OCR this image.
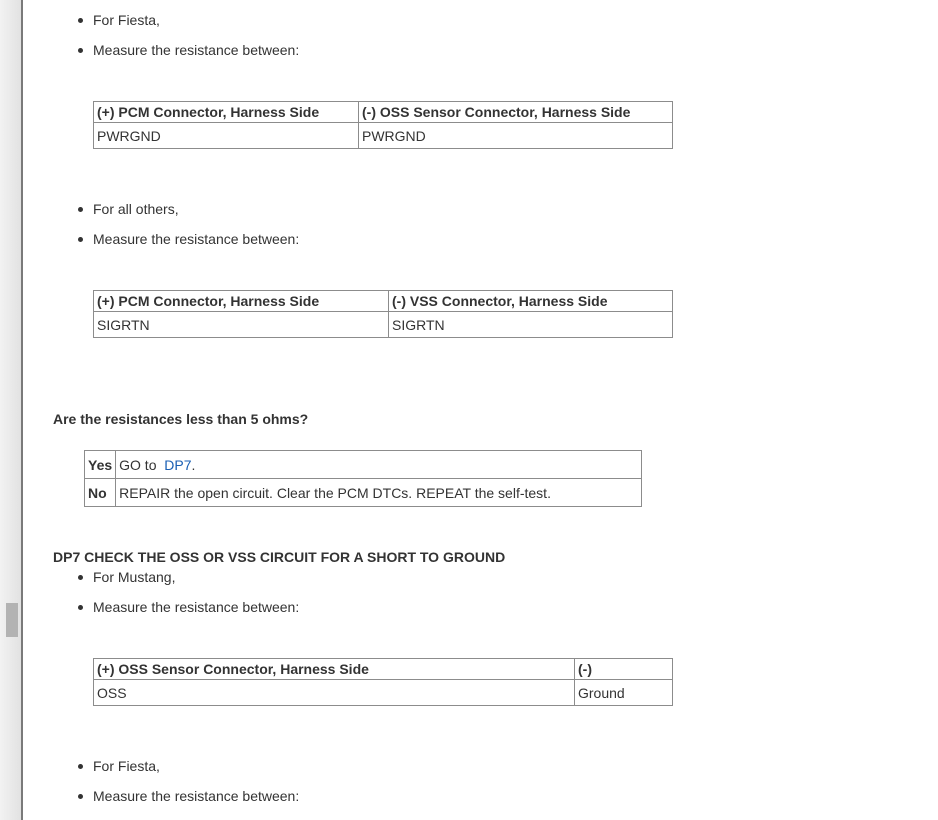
For Fiesta,
Measure the resistance between:
(+) PCM Connector, Harness Side	(-) OSS Sensor Connector, Harness Side
PWRGND	PWRGND
For all others,
Measure the resistance between:
(+) PCM Connector, Harness Side	(-) VSS Connector, Harness Side
SIGRTN	SIGRTN
Are the resistances less than 5 ohms?
Yes	GO to DP7.
No	REPAIR the open circuit. Clear the PCM DTCs. REPEAT the self-test.
DP7 CHECK THE OSS OR VSS CIRCUIT FOR A SHORT TO GROUND
For Mustang,
Measure the resistance between:
(+) OSS Sensor Connector, Harness Side	(-)
OSS	Ground
For Fiesta,
Measure the resistance between:
